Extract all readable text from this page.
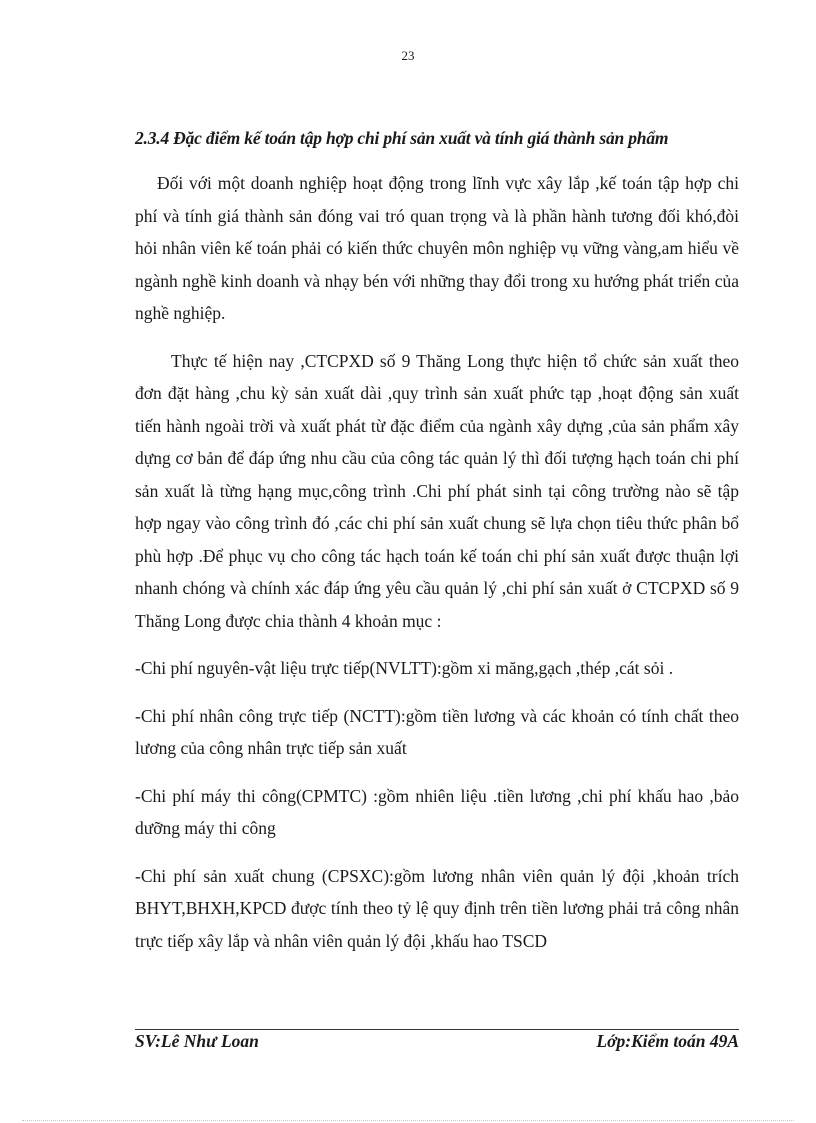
23
2.3.4 Đặc điểm kế toán tập hợp chi phí sản xuất và tính giá thành sản phẩm

Đối với một doanh nghiệp hoạt động trong lĩnh vực xây lắp ,kế toán tập hợp chi phí và tính giá thành sản đóng vai tró quan trọng và là phần hành tương đối khó,đòi hỏi nhân viên kế toán phải có kiến thức chuyên môn nghiệp vụ vững vàng,am hiểu về ngành nghề kinh doanh và nhạy bén với những thay đổi trong xu hướng phát triển của nghề nghiệp.

Thực tế hiện nay ,CTCPXD số 9 Thăng Long thực hiện tổ chức sản xuất theo đơn đặt hàng ,chu kỳ sản xuất dài ,quy trình sản xuất phức tạp ,hoạt động sản xuất tiến hành ngoài trời và xuất phát từ đặc điểm của ngành xây dựng ,của sản phẩm xây dựng cơ bản để đáp ứng nhu cầu của công tác quản lý thì đối tượng hạch toán chi phí sản xuất là từng hạng mục,công trình .Chi phí phát sinh tại công trường nào sẽ tập hợp ngay vào công trình đó ,các chi phí sản xuất chung sẽ lựa chọn tiêu thức phân bổ phù hợp .Để phục vụ cho công tác hạch toán kế toán chi phí sản xuất được thuận lợi nhanh chóng và chính xác đáp ứng yêu cầu quản lý ,chi phí sản xuất ở CTCPXD số 9 Thăng Long được chia thành 4 khoản mục :

-Chi phí nguyên-vật liệu trực tiếp(NVLTT):gồm xi măng,gạch ,thép ,cát sỏi .

-Chi phí nhân công trực tiếp (NCTT):gồm tiền lương và các khoản có tính chất theo lương của công nhân trực tiếp sản xuất

-Chi phí máy thi công(CPMTC) :gồm nhiên liệu .tiền lương ,chi phí khấu hao ,bảo dưỡng máy thi công

-Chi phí sản xuất chung (CPSXC):gồm lương nhân viên quản lý đội ,khoản trích BHYT,BHXH,KPCD được tính theo tỷ lệ quy định trên tiền lương phải trả công nhân trực tiếp xây lắp và nhân viên quản lý đội ,khấu hao TSCD

SV:Lê Như Loan	Lớp:Kiểm toán 49A
